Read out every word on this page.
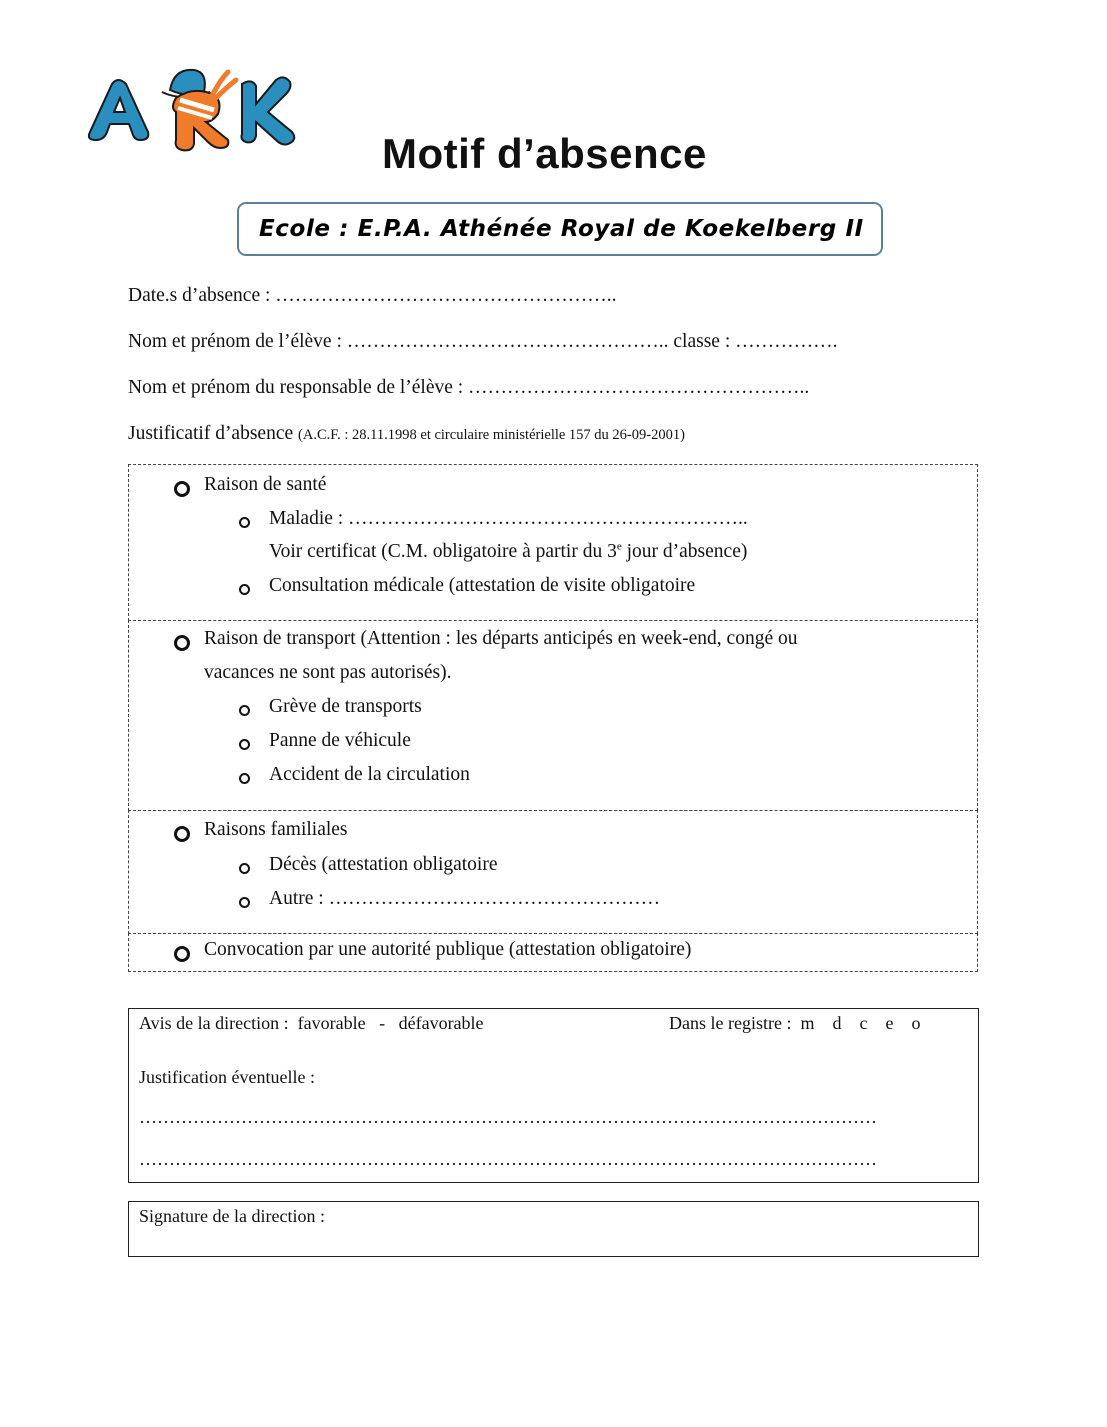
Motif d’absence
Ecole : E.P.A. Athénée Royal de Koekelberg II
Date.s d’absence : ……………………………………………..
Nom et prénom de l’élève : ………………………………………….. classe : …………….
Nom et prénom du responsable de l’élève : ……………………………………………..
Justificatif d’absence (A.C.F. : 28.11.1998 et circulaire ministérielle 157 du 26-09-2001)
Raison de santé
Maladie : ……………………………………………………..
Voir certificat (C.M. obligatoire à partir du 3e jour d’absence)
Consultation médicale (attestation de visite obligatoire
Raison de transport (Attention : les départs anticipés en week-end, congé ou
vacances ne sont pas autorisés).
Grève de transports
Panne de véhicule
Accident de la circulation
Raisons familiales
Décès (attestation obligatoire
Autre : ……………………………………………
Convocation par une autorité publique (attestation obligatoire)
Avis de la direction : favorable - défavorable	Dans le registre : m d c e o
Justification éventuelle :
……………………………………………………………………………………………………………
……………………………………………………………………………………………………………
Signature de la direction :
